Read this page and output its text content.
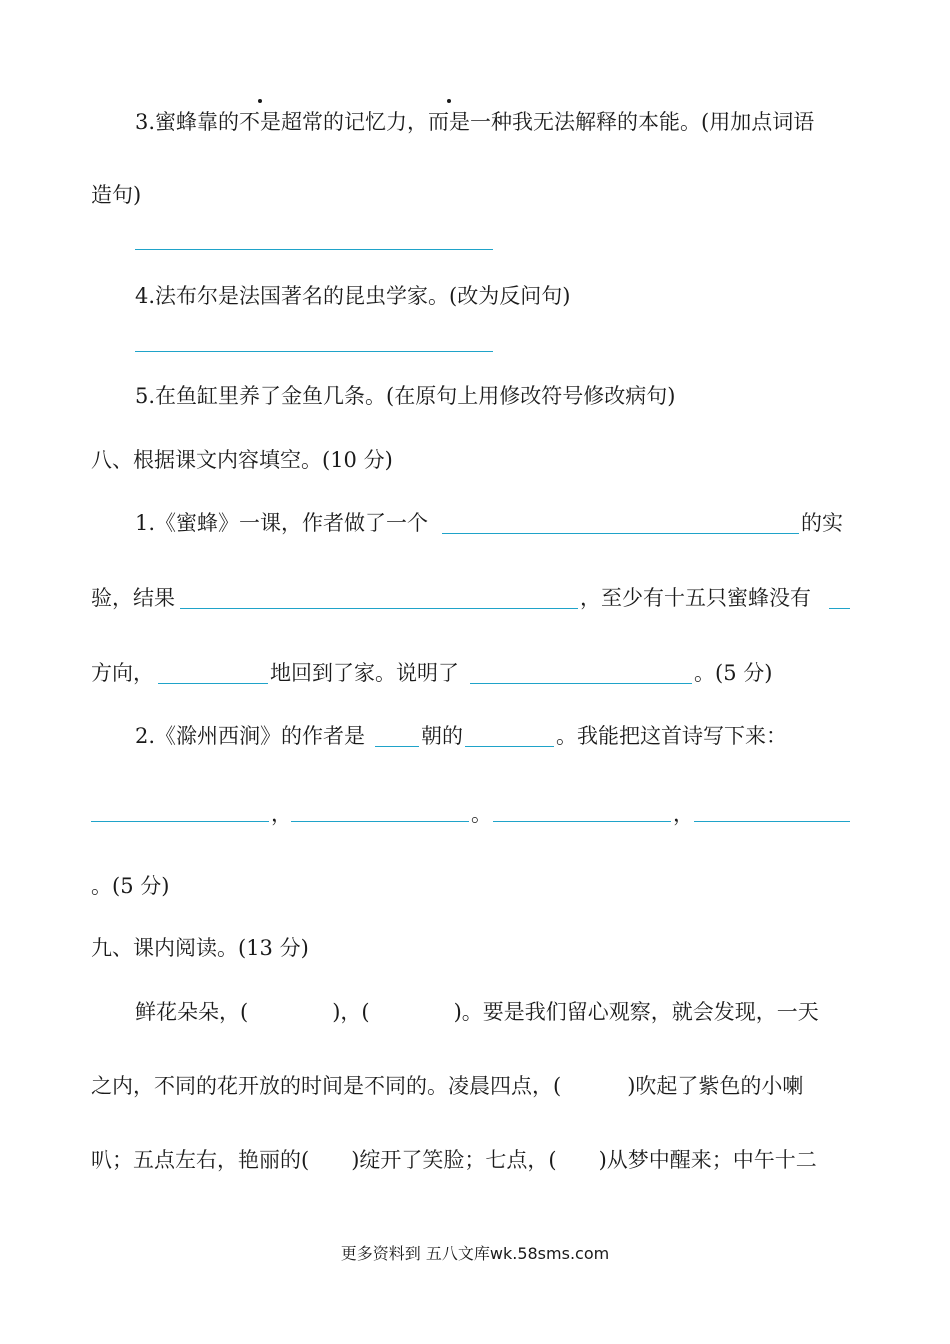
3.蜜蜂靠的不是超常的记忆力，而是一种我无法解释的本能。(用加点词语
造句)
4.法布尔是法国著名的昆虫学家。(改为反问句)
5.在鱼缸里养了金鱼几条。(在原句上用修改符号修改病句)
八、根据课文内容填空。(10 分)
1.《蜜蜂》一课，作者做了一个	的实
验，结果	，至少有十五只蜜蜂没有
方向，	地回到了家。说明了	。(5 分)
2.《滁州西涧》的作者是	朝的	。我能把这首诗写下来：
，	。	，
。(5 分)
九、课内阅读。(13 分)
鲜花朵朵，(	)，(	)。要是我们留心观察，就会发现，一天
之内，不同的花开放的时间是不同的。凌晨四点，(	)吹起了紫色的小喇
叭；五点左右，艳丽的( )绽开了笑脸；七点，( )从梦中醒来；中午十二
更多资料到 五八文库wk.58sms.com
